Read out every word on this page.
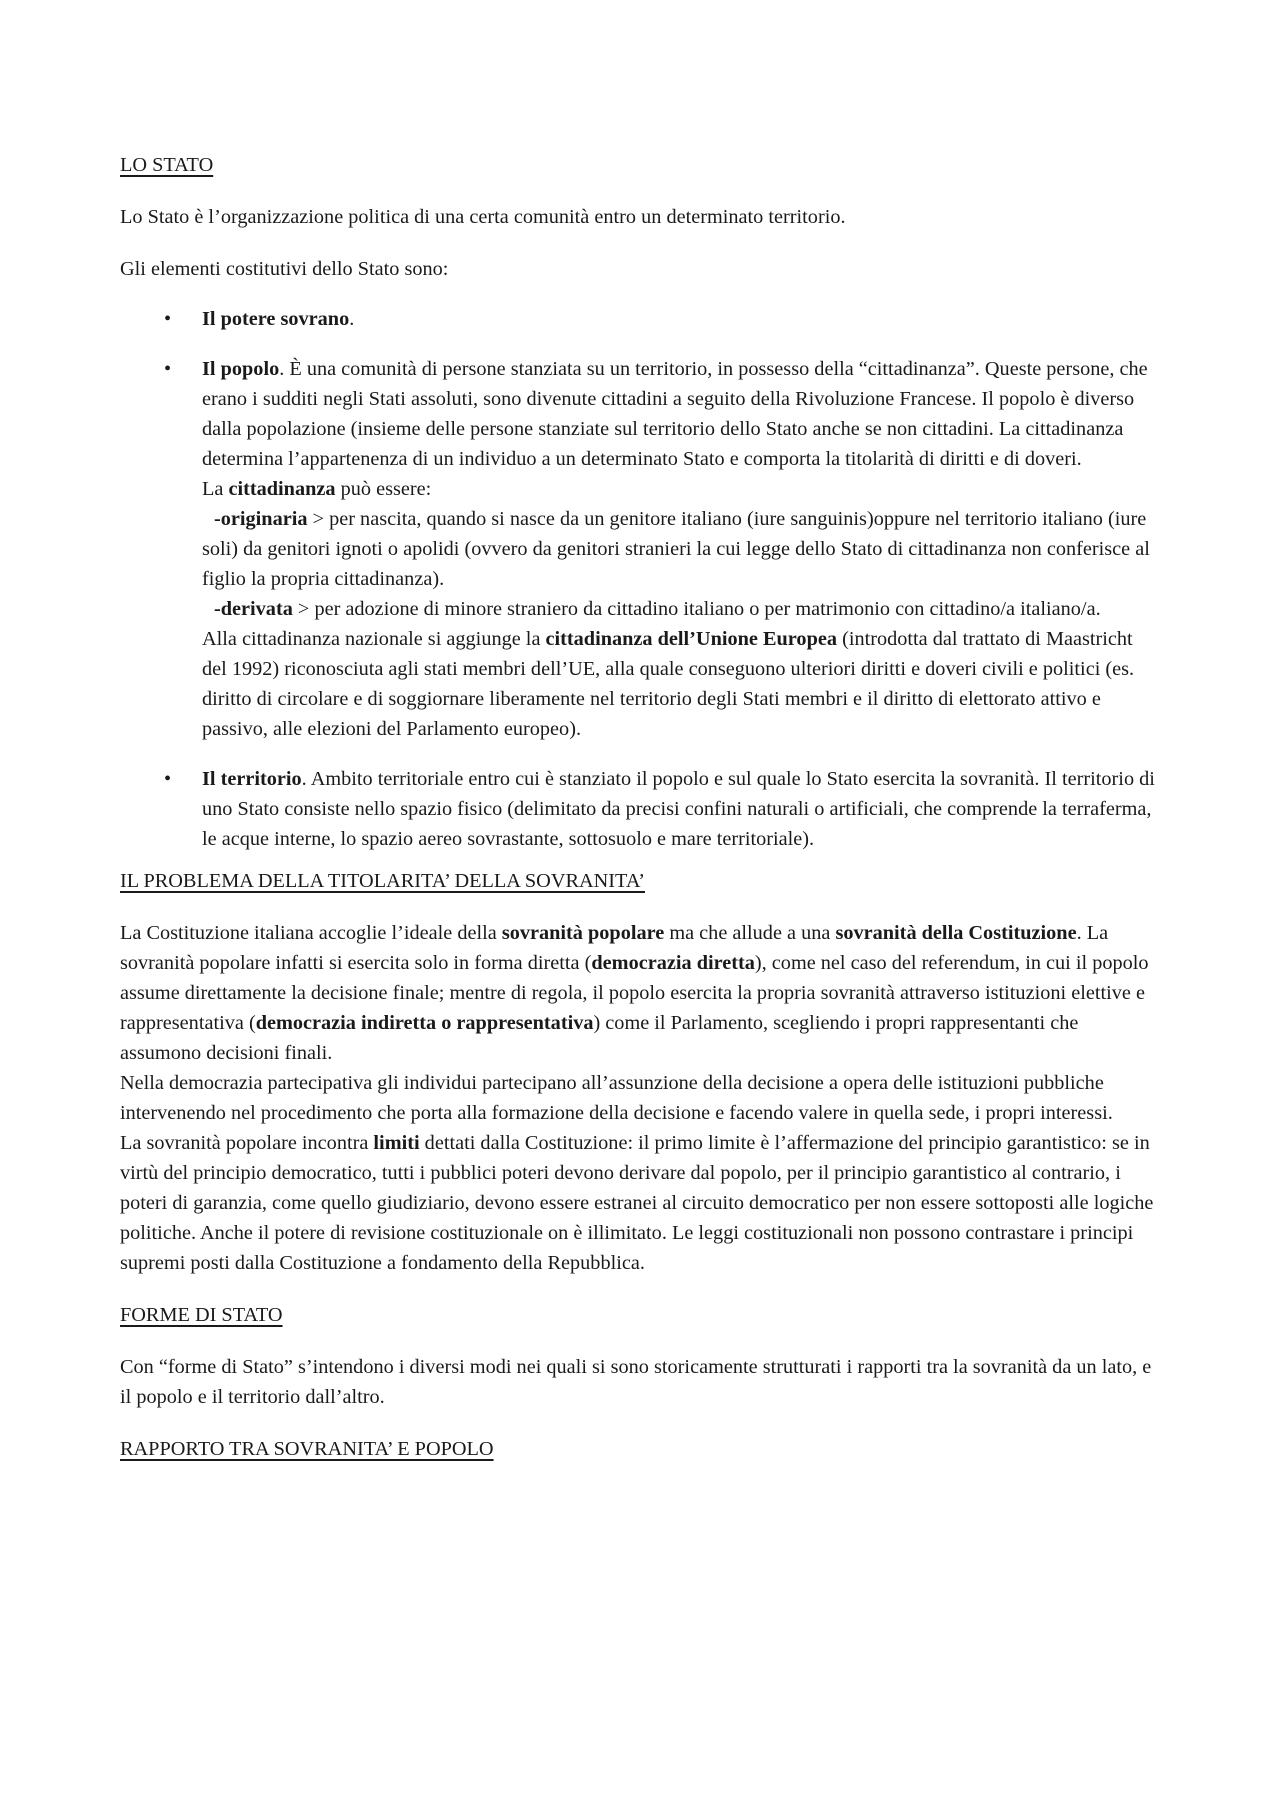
LO STATO

Lo Stato è l’organizzazione politica di una certa comunità entro un determinato territorio.

Gli elementi costitutivi dello Stato sono:

• Il potere sovrano.
• Il popolo. È una comunità di persone stanziata su un territorio, in possesso della “cittadinanza”. Queste persone, che erano i sudditi negli Stati assoluti, sono divenute cittadini a seguito della Rivoluzione Francese. Il popolo è diverso dalla popolazione (insieme delle persone stanziate sul territorio dello Stato anche se non cittadini. La cittadinanza determina l’appartenenza di un individuo a un determinato Stato e comporta la titolarità di diritti e di doveri.
La cittadinanza può essere:
-originaria > per nascita, quando si nasce da un genitore italiano (iure sanguinis)oppure nel territorio italiano (iure soli) da genitori ignoti o apolidi (ovvero da genitori stranieri la cui legge dello Stato di cittadinanza non conferisce al figlio la propria cittadinanza).
-derivata > per adozione di minore straniero da cittadino italiano o per matrimonio con cittadino/a italiano/a.
Alla cittadinanza nazionale si aggiunge la cittadinanza dell’Unione Europea (introdotta dal trattato di Maastricht del 1992) riconosciuta agli stati membri dell’UE, alla quale conseguono ulteriori diritti e doveri civili e politici (es. diritto di circolare e di soggiornare liberamente nel territorio degli Stati membri e il diritto di elettorato attivo e passivo, alle elezioni del Parlamento europeo).
• Il territorio. Ambito territoriale entro cui è stanziato il popolo e sul quale lo Stato esercita la sovranità. Il territorio di uno Stato consiste nello spazio fisico (delimitato da precisi confini naturali o artificiali, che comprende la terraferma, le acque interne, lo spazio aereo sovrastante, sottosuolo e mare territoriale).
IL PROBLEMA DELLA TITOLARITA’ DELLA SOVRANITA’

La Costituzione italiana accoglie l’ideale della sovranità popolare ma che allude a una sovranità della Costituzione. La sovranità popolare infatti si esercita solo in forma diretta (democrazia diretta), come nel caso del referendum, in cui il popolo assume direttamente la decisione finale; mentre di regola, il popolo esercita la propria sovranità attraverso istituzioni elettive e rappresentativa (democrazia indiretta o rappresentativa) come il Parlamento, scegliendo i propri rappresentanti che assumono decisioni finali.

Nella democrazia partecipativa gli individui partecipano all’assunzione della decisione a opera delle istituzioni pubbliche intervenendo nel procedimento che porta alla formazione della decisione e facendo valere in quella sede, i propri interessi.

La sovranità popolare incontra limiti dettati dalla Costituzione: il primo limite è l’affermazione del principio garantistico: se in virtù del principio democratico, tutti i pubblici poteri devono derivare dal popolo, per il principio garantistico al contrario, i poteri di garanzia, come quello giudiziario, devono essere estranei al circuito democratico per non essere sottoposti alle logiche politiche. Anche il potere di revisione costituzionale on è illimitato. Le leggi costituzionali non possono contrastare i principi supremi posti dalla Costituzione a fondamento della Repubblica.

FORME DI STATO

Con “forme di Stato” s’intendono i diversi modi nei quali si sono storicamente strutturati i rapporti tra la sovranità da un lato, e il popolo e il territorio dall’altro.

RAPPORTO TRA SOVRANITA’ E POPOLO
